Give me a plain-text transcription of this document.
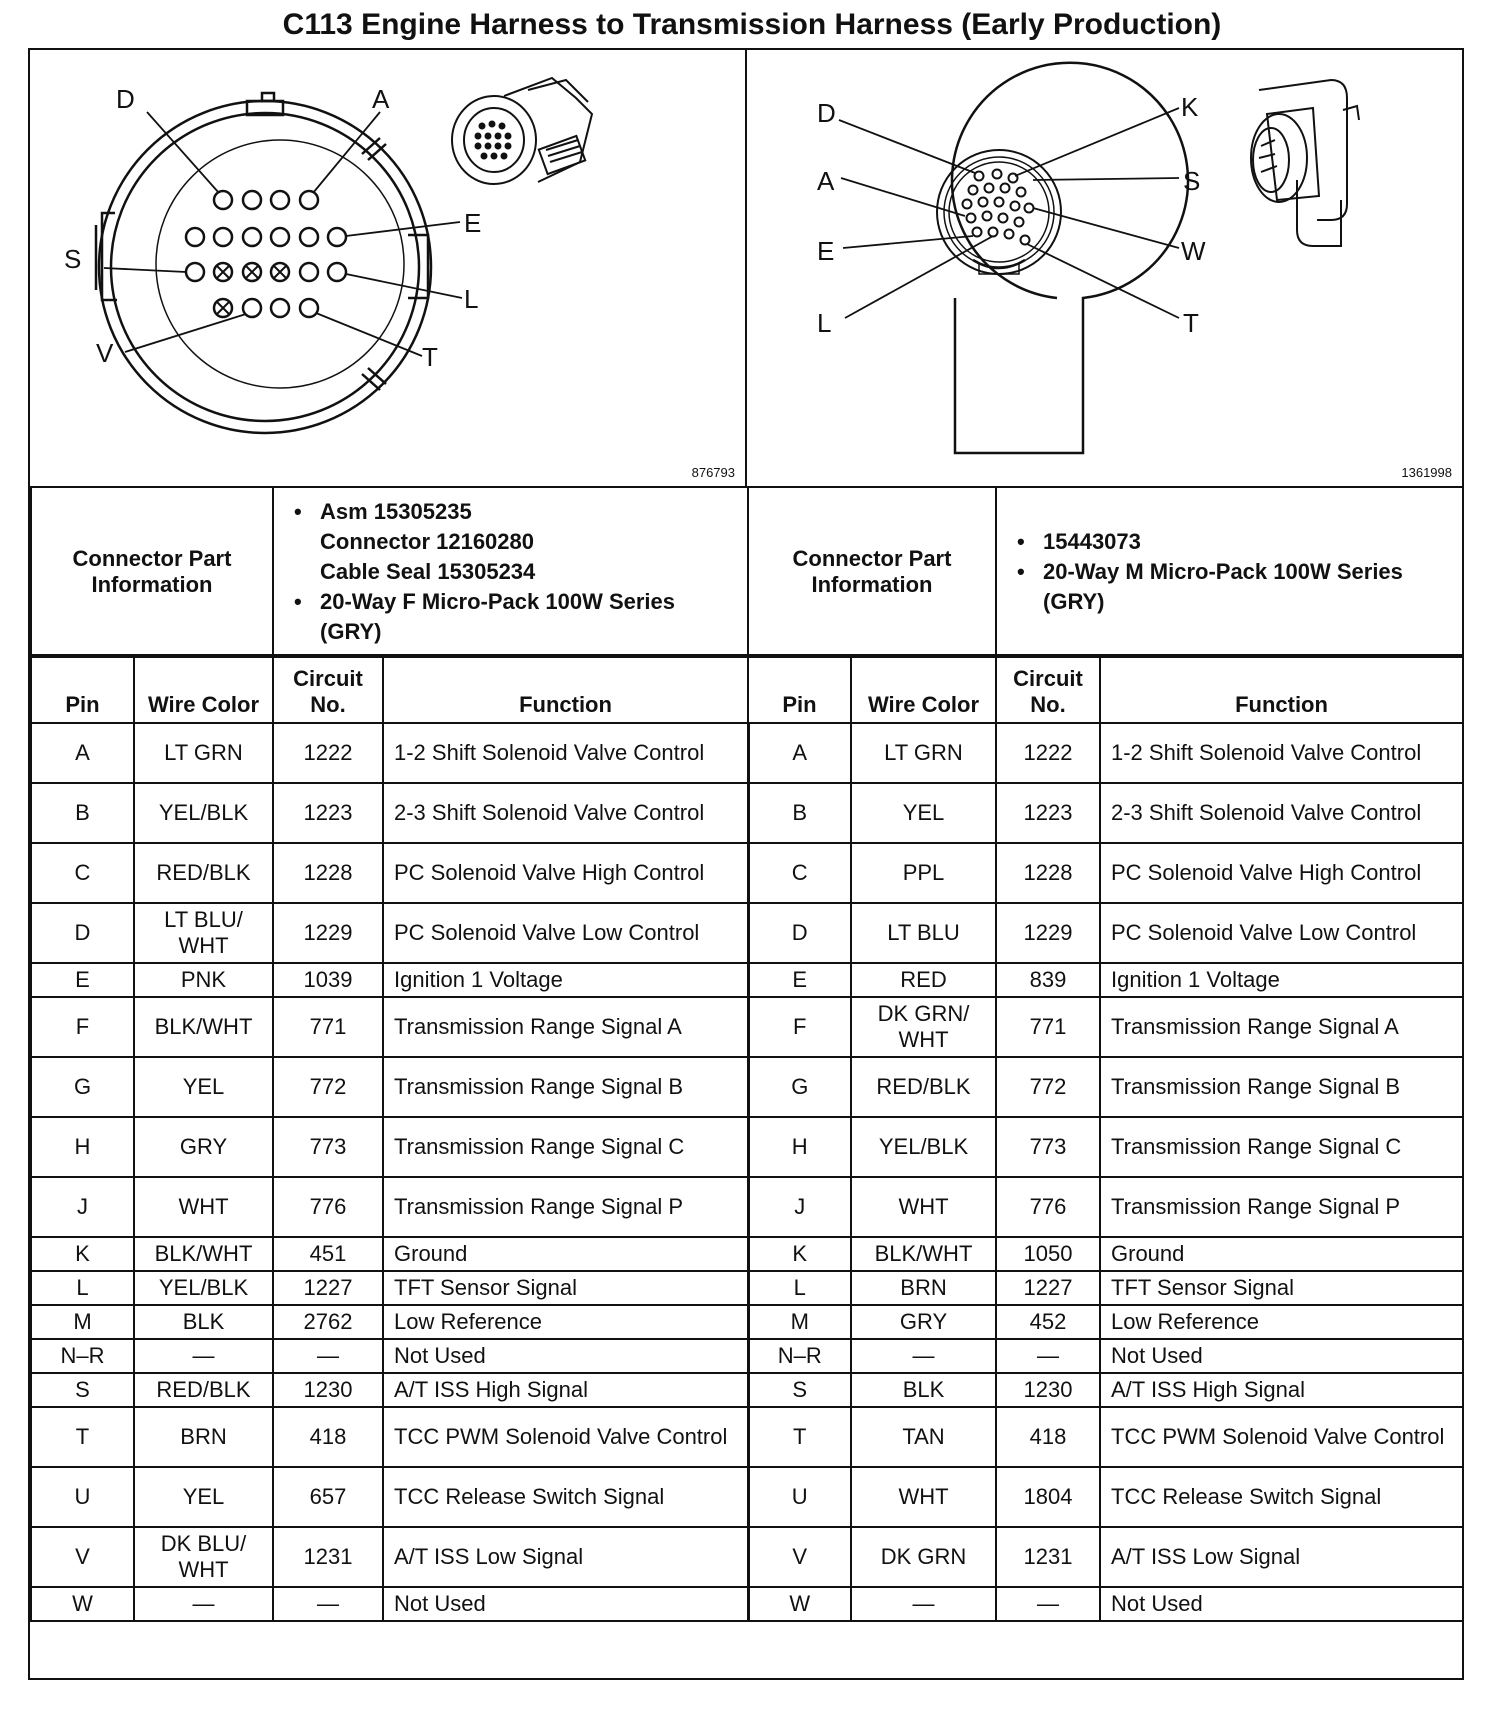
C113 Engine Harness to Transmission Harness (Early Production)
D	A
E
S
L
V	T
876793
D	K
A	S
E	W
L	T
1361998
Connector Part Information	
• Asm 15305235
Connector 12160280
Cable Seal 15305234
• 20-Way F Micro-Pack 100W Series (GRY)
	Connector Part Information	
• 15443073
• 20-Way M Micro-Pack 100W Series (GRY)
Pin	Wire Color	Circuit No.	Function	Pin	Wire Color	Circuit No.	Function
A	LT GRN	1222	1-2 Shift Solenoid Valve Control	A	LT GRN	1222	1-2 Shift Solenoid Valve Control
B	YEL/BLK	1223	2-3 Shift Solenoid Valve Control	B	YEL	1223	2-3 Shift Solenoid Valve Control
C	RED/BLK	1228	PC Solenoid Valve High Control	C	PPL	1228	PC Solenoid Valve High Control
D	LT BLU/ WHT	1229	PC Solenoid Valve Low Control	D	LT BLU	1229	PC Solenoid Valve Low Control
E	PNK	1039	Ignition 1 Voltage	E	RED	839	Ignition 1 Voltage
F	BLK/WHT	771	Transmission Range Signal A	F	DK GRN/ WHT	771	Transmission Range Signal A
G	YEL	772	Transmission Range Signal B	G	RED/BLK	772	Transmission Range Signal B
H	GRY	773	Transmission Range Signal C	H	YEL/BLK	773	Transmission Range Signal C
J	WHT	776	Transmission Range Signal P	J	WHT	776	Transmission Range Signal P
K	BLK/WHT	451	Ground	K	BLK/WHT	1050	Ground
L	YEL/BLK	1227	TFT Sensor Signal	L	BRN	1227	TFT Sensor Signal
M	BLK	2762	Low Reference	M	GRY	452	Low Reference
N–R	—	—	Not Used	N–R	—	—	Not Used
S	RED/BLK	1230	A/T ISS High Signal	S	BLK	1230	A/T ISS High Signal
T	BRN	418	TCC PWM Solenoid Valve Control	T	TAN	418	TCC PWM Solenoid Valve Control
U	YEL	657	TCC Release Switch Signal	U	WHT	1804	TCC Release Switch Signal
V	DK BLU/ WHT	1231	A/T ISS Low Signal	V	DK GRN	1231	A/T ISS Low Signal
W	—	—	Not Used	W	—	—	Not Used
